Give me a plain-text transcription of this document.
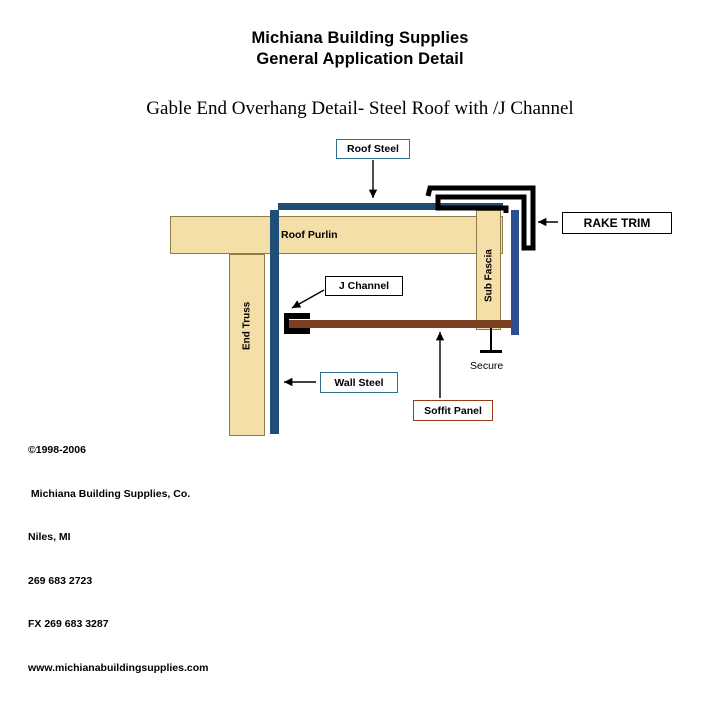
Michiana Building Supplies
General Application Detail
Gable End Overhang Detail- Steel Roof with /J Channel
Roof Purlin
End Truss
Sub Fascia
Secure
Roof Steel
RAKE TRIM
J Channel
Wall Steel
Soffit Panel

©1998-2006

Michiana Building Supplies, Co.

Niles, MI

269 683 2723

FX 269 683 3287

www.michianabuildingsupplies.com
